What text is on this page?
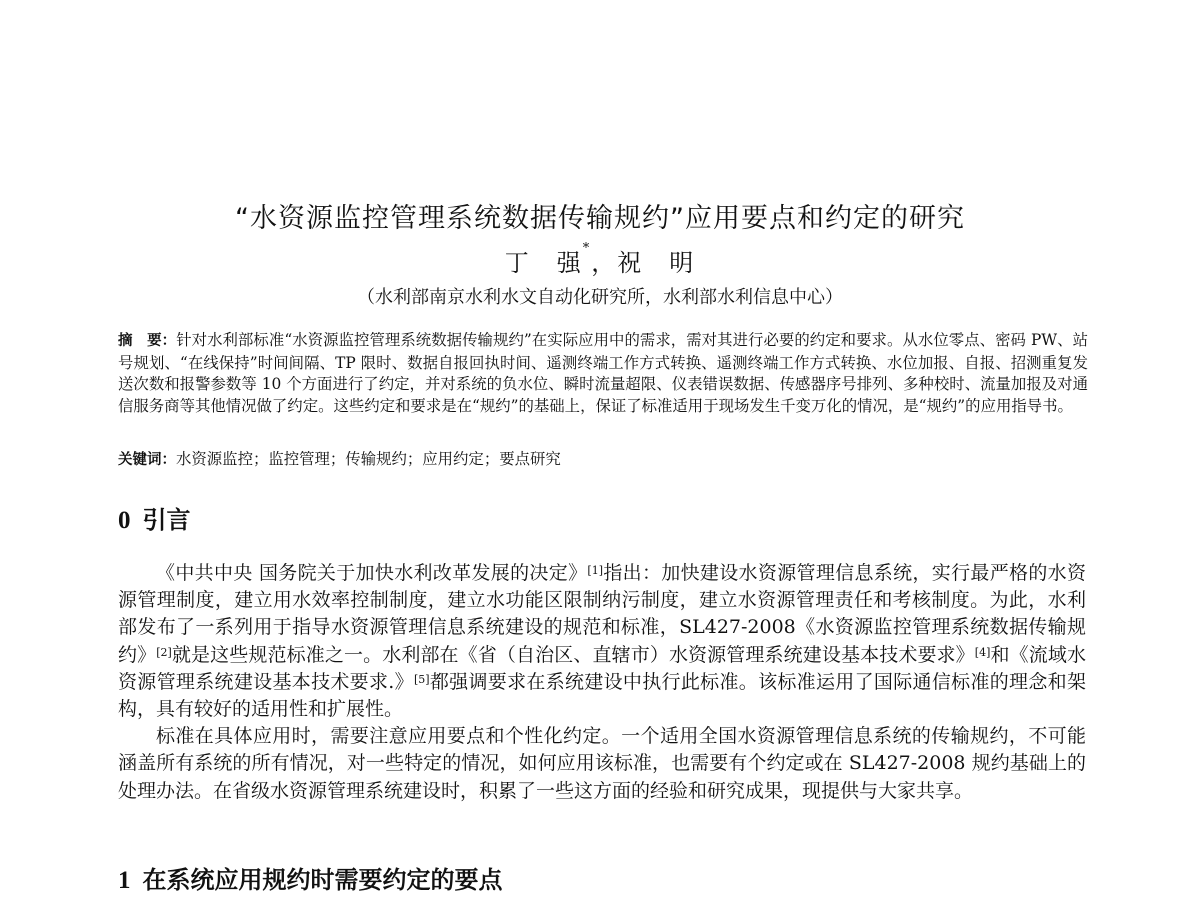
“水资源监控管理系统数据传输规约”应用要点和约定的研究
丁　强*，祝　明
（水利部南京水利水文自动化研究所，水利部水利信息中心）
摘　要：针对水利部标准“水资源监控管理系统数据传输规约”在实际应用中的需求，需对其进行必要的约定和要求。从水位零点、密码 PW、站号规划、“在线保持”时间间隔、TP 限时、数据自报回执时间、遥测终端工作方式转换、遥测终端工作方式转换、水位加报、自报、招测重复发送次数和报警参数等 10 个方面进行了约定，并对系统的负水位、瞬时流量超限、仪表错误数据、传感器序号排列、多种校时、流量加报及对通信服务商等其他情况做了约定。这些约定和要求是在“规约”的基础上，保证了标准适用于现场发生千变万化的情况，是“规约”的应用指导书。
关键词：水资源监控；监控管理；传输规约；应用约定；要点研究
0 引言

《中共中央 国务院关于加快水利改革发展的决定》[1]指出：加快建设水资源管理信息系统，实行最严格的水资源管理制度，建立用水效率控制制度，建立水功能区限制纳污制度，建立水资源管理责任和考核制度。为此，水利部发布了一系列用于指导水资源管理信息系统建设的规范和标准，SL427-2008《水资源监控管理系统数据传输规约》[2]就是这些规范标准之一。水利部在《省（自治区、直辖市）水资源管理系统建设基本技术要求》[4]和《流域水资源管理系统建设基本技术要求.》[5]都强调要求在系统建设中执行此标准。该标准运用了国际通信标准的理念和架构，具有较好的适用性和扩展性。

标准在具体应用时，需要注意应用要点和个性化约定。一个适用全国水资源管理信息系统的传输规约，不可能涵盖所有系统的所有情况，对一些特定的情况，如何应用该标准，也需要有个约定或在 SL427-2008 规约基础上的处理办法。在省级水资源管理系统建设时，积累了一些这方面的经验和研究成果，现提供与大家共享。

1 在系统应用规约时需要约定的要点
